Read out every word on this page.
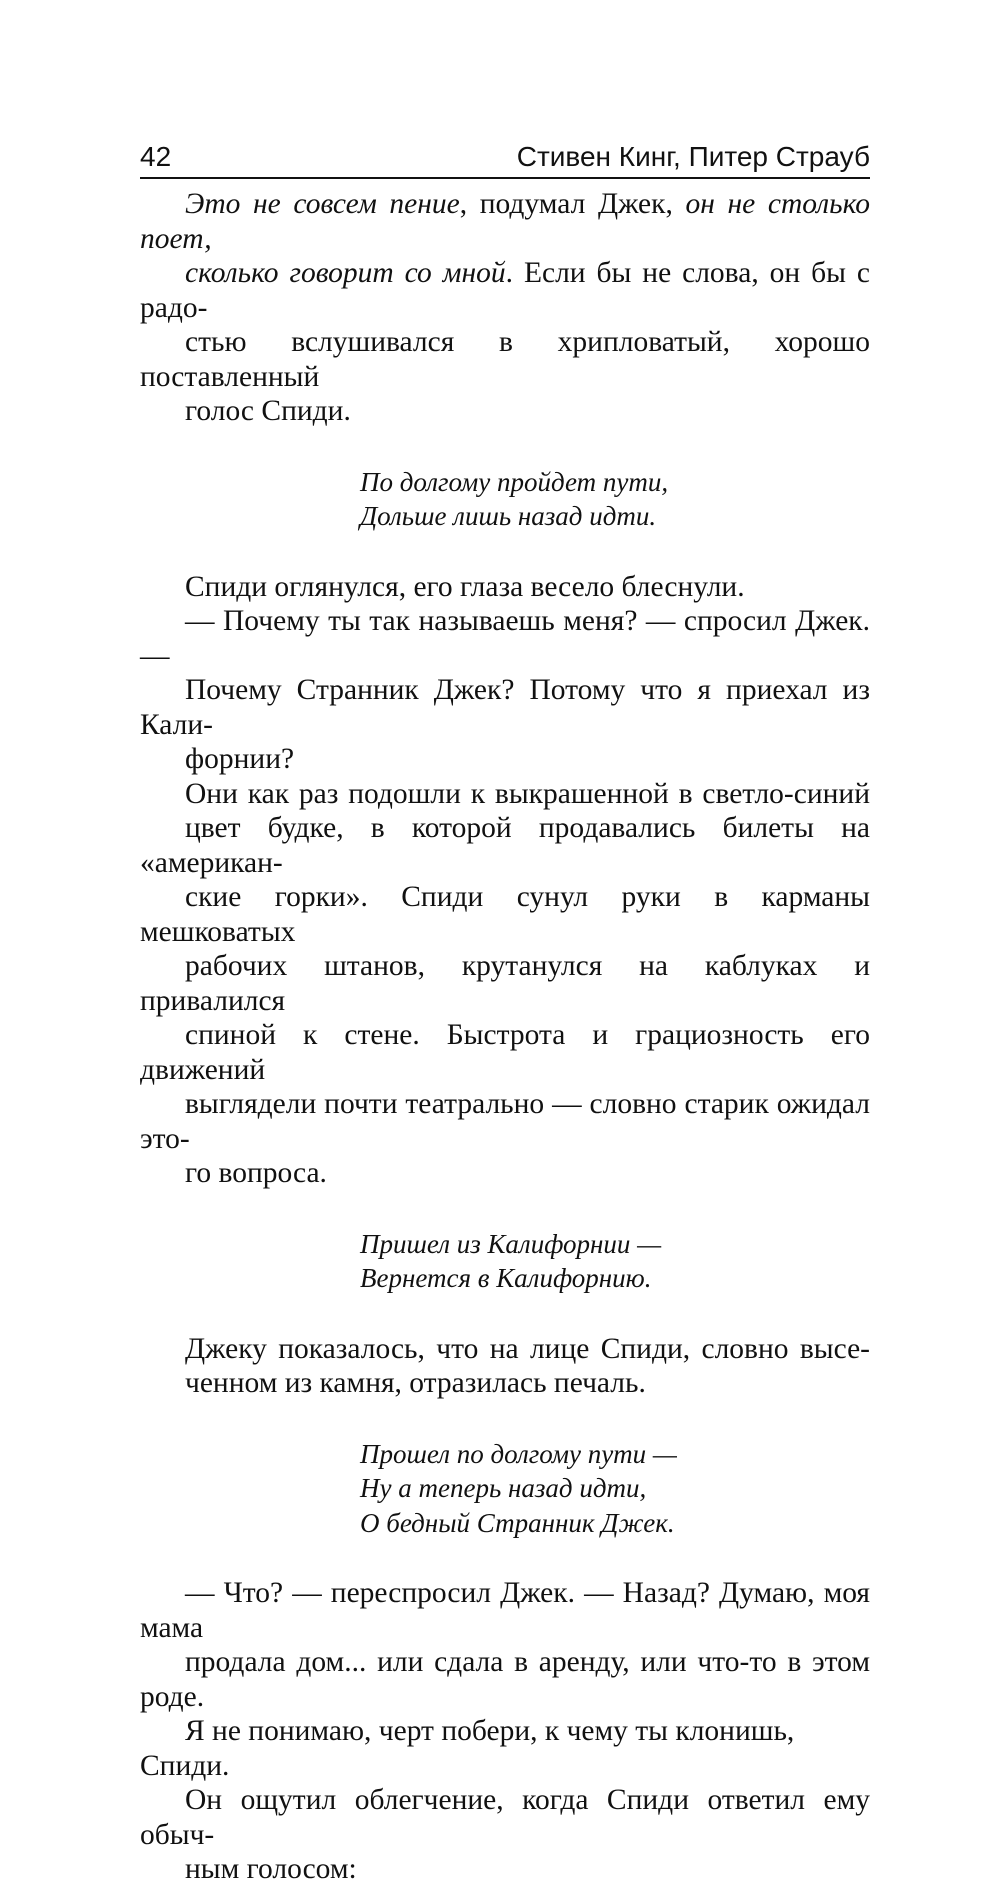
42	Стивен Кинг, Питер Страуб

Это не совсем пение, подумал Джек, он не столько поет,
сколько говорит со мной. Если бы не слова, он бы с радо-
стью вслушивался в хрипловатый, хорошо поставленный
голос Спиди.

По долгому пройдет пути,
Дольше лишь назад идти.

Спиди оглянулся, его глаза весело блеснули.

— Почему ты так называешь меня? — спросил Джек. —
Почему Странник Джек? Потому что я приехал из Кали-
форнии?

Они как раз подошли к выкрашенной в светло-синий
цвет будке, в которой продавались билеты на «американ-
ские горки». Спиди сунул руки в карманы мешковатых
рабочих штанов, крутанулся на каблуках и привалился
спиной к стене. Быстрота и грациозность его движений
выглядели почти театрально — словно старик ожидал это-
го вопроса.

Пришел из Калифорнии —
Вернется в Калифорнию.

Джеку показалось, что на лице Спиди, словно высе-
ченном из камня, отразилась печаль.

Прошел по долгому пути —
Ну а теперь назад идти,
О бедный Странник Джек.

— Что? — переспросил Джек. — Назад? Думаю, моя мама
продала дом... или сдала в аренду, или что-то в этом роде.
Я не понимаю, черт побери, к чему ты клонишь, Спиди.

Он ощутил облегчение, когда Спиди ответил ему обыч-
ным голосом:
